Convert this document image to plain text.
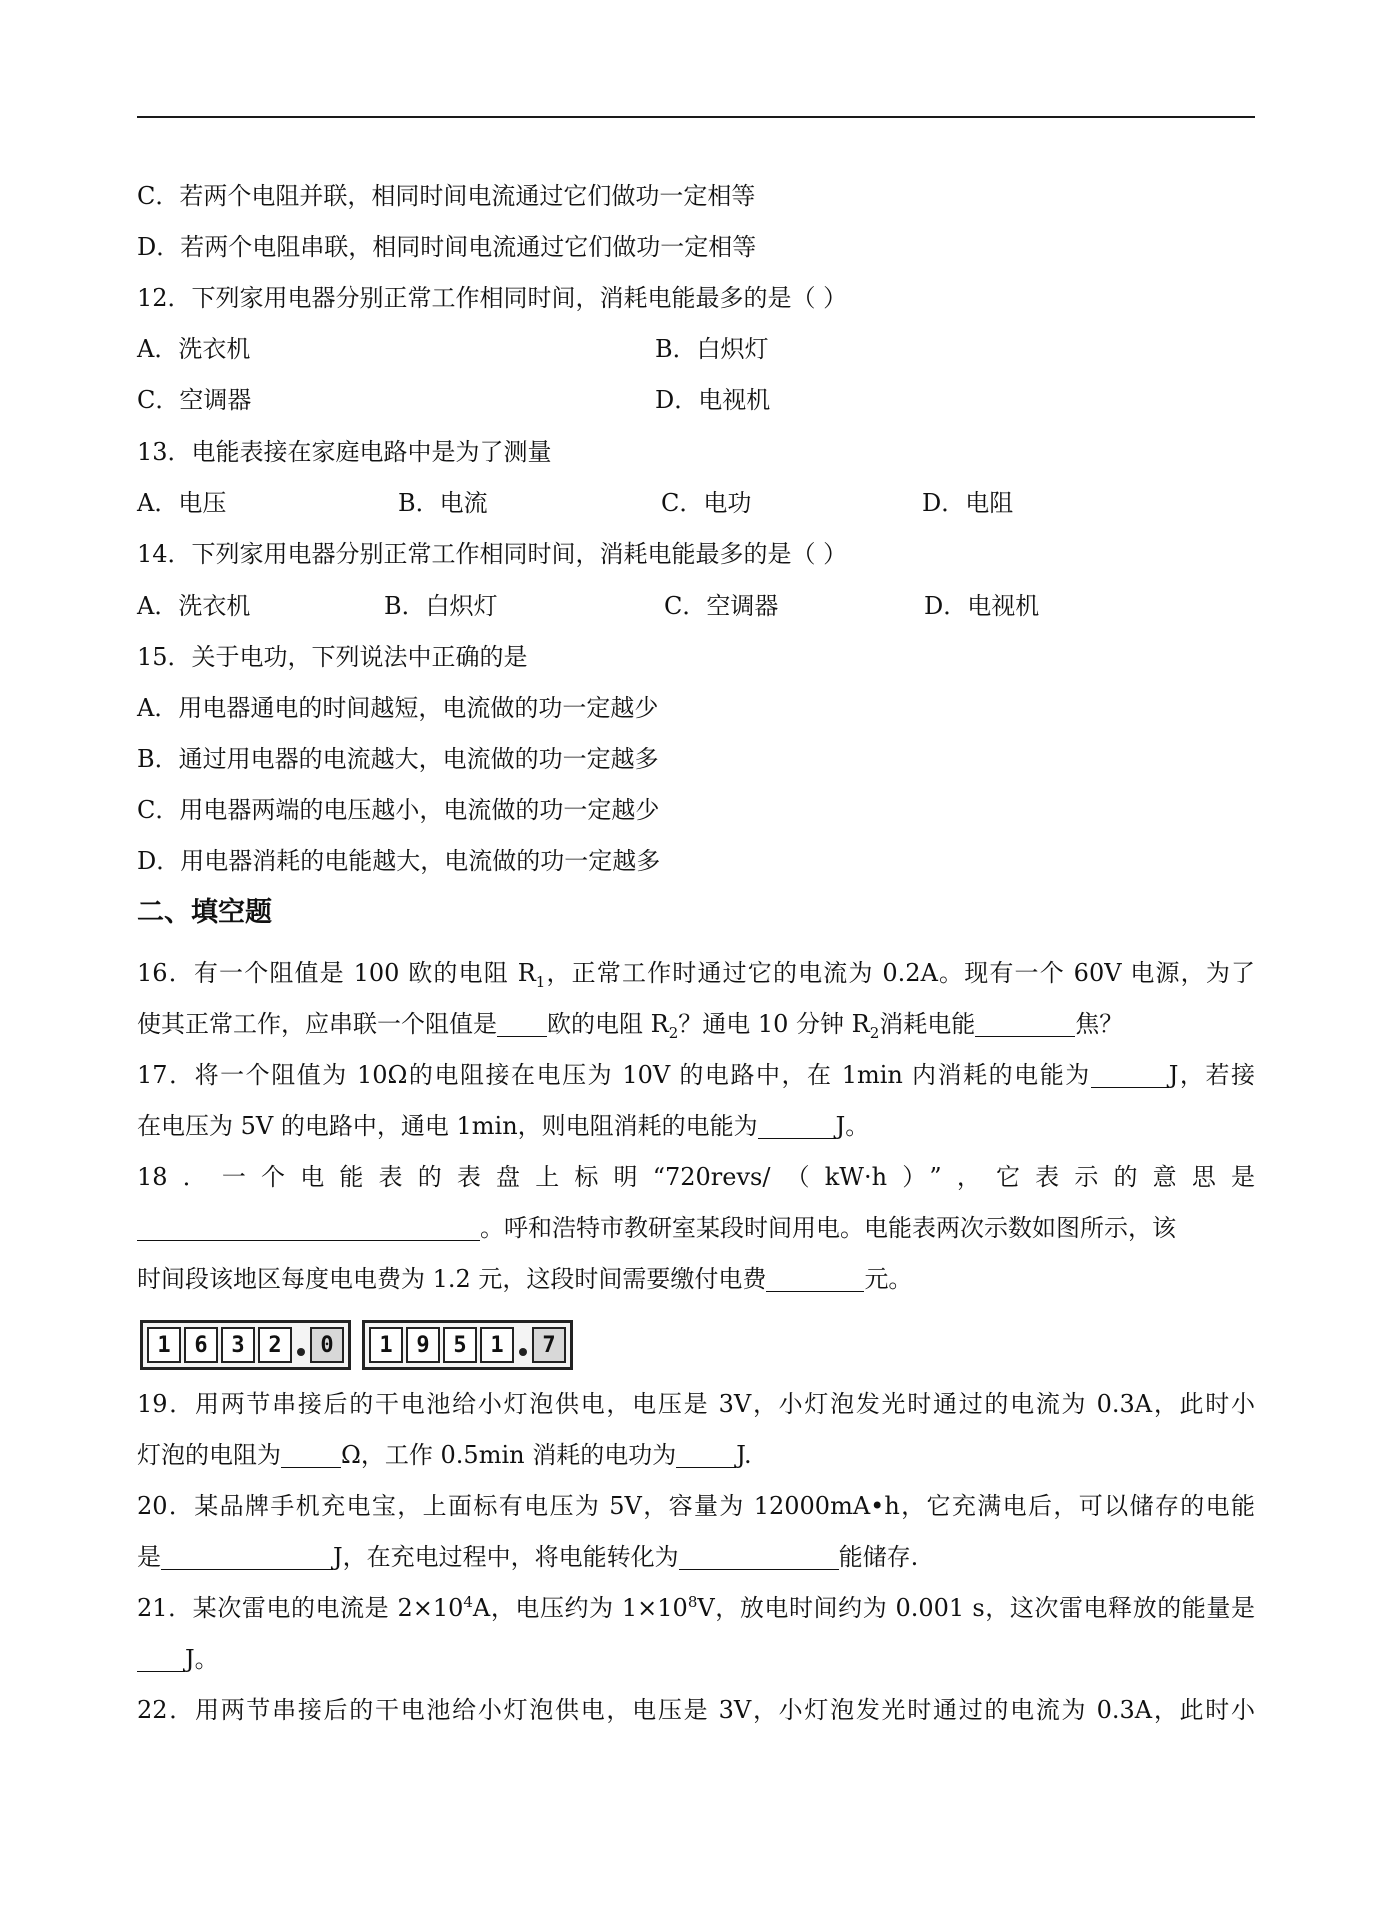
C．若两个电阻并联，相同时间电流通过它们做功一定相等
D．若两个电阻串联，相同时间电流通过它们做功一定相等
12．下列家用电器分别正常工作相同时间，消耗电能最多的是（ ）
A．洗衣机	B．白炽灯
C．空调器	D．电视机
13．电能表接在家庭电路中是为了测量
A．电压	B．电流	C．电功	D．电阻
14．下列家用电器分别正常工作相同时间，消耗电能最多的是（ ）
A．洗衣机	B．白炽灯	C．空调器	D．电视机
15．关于电功，下列说法中正确的是
A．用电器通电的时间越短，电流做的功一定越少
B．通过用电器的电流越大，电流做的功一定越多
C．用电器两端的电压越小，电流做的功一定越少
D．用电器消耗的电能越大，电流做的功一定越多
二、填空题
16．有一个阻值是 100 欧的电阻 $R_1$，正常工作时通过它的电流为 0.2A。现有一个 60V 电源，为了
使其正常工作，应串联一个阻值是 欧的电阻 $R_2$？通电 10 分钟 $R_2$消耗电能	焦？
17．将一个阻值为 10Ω的电阻接在电压为 10V 的电路中，在 1min 内消耗的电能为	J，若接
在电压为 5V 的电路中，通电 1min，则电阻消耗的电能为	J。
18．一个电能表的表盘上标明“720revs/（kW·h）”，它表示的意思是
。呼和浩特市教研室某段时间用电。电能表两次示数如图所示，该
时间段该地区每度电电费为 1.2 元，这段时间需要缴付电费	元。
1	6	3	2	0	1	9	5	1	7
19．用两节串接后的干电池给小灯泡供电，电压是 3V，小灯泡发光时通过的电流为 0.3A，此时小
灯泡的电阻为	Ω，工作 0.5min 消耗的电功为	J.
20．某品牌手机充电宝，上面标有电压为 5V，容量为 12000mA•h，它充满电后，可以储存的电能
是	J，在充电过程中，将电能转化为	能储存.
21．某次雷电的电流是 $2\times 10^4A$，电压约为 $1\times 10^8V$，放电时间约为 0.001 s，这次雷电释放的能量是
J。
22．用两节串接后的干电池给小灯泡供电，电压是 3V，小灯泡发光时通过的电流为 0.3A，此时小
